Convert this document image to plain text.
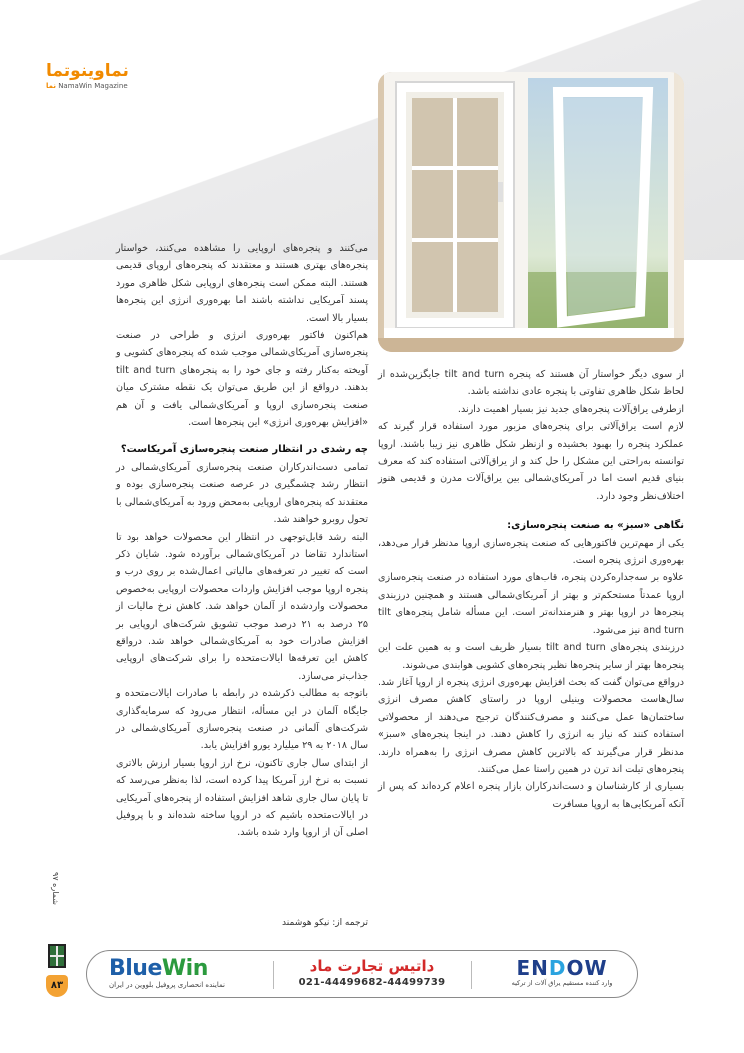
نماوینو‌تما
نما NamaWin Magazine

می‌کنند و پنجره‌های اروپایی را مشاهده می‌کنند، خواستار پنجره‌های بهتری هستند و معتقدند که پنجره‌های اروپای قدیمی هستند. البته ممکن است پنجره‌های اروپایی شکل ظاهری مورد پسند آمریکایی نداشته باشند اما بهره‌وری انرژی این پنجره‌ها بسیار بالا است.

هم‌اکنون فاکتور بهره‌وری انرژی و طراحی در صنعت پنجره‌سازی آمریکای‌شمالی موجب شده که پنجره‌های کشویی و آویخته به‌کنار رفته و جای خود را به پنجره‌های tilt and turn بدهند. درواقع از این طریق می‌توان یک نقطه مشترک میان صنعت پنجره‌سازی اروپا و آمریکای‌شمالی یافت و آن هم «افزایش بهره‌وری انرژی» این پنجره‌ها است.

چه رشدی در انتظار صنعت پنجره‌سازی آمریکاست؟

تمامی دست‌اندرکاران صنعت پنجره‌سازی آمریکای‌شمالی در انتظار رشد چشمگیری در عرصه صنعت پنجره‌سازی بوده و معتقدند که پنجره‌های اروپایی به‌محض ورود به آمریکای‌شمالی با تحول روبرو خواهند شد.

البته رشد قابل‌توجهی در انتظار این محصولات خواهد بود تا استاندارد تقاضا در آمریکای‌شمالی برآورده شود. شایان ذکر است که تغییر در تعرفه‌های مالیاتی اعمال‌شده بر روی درب و پنجره اروپا موجب افزایش واردات محصولات اروپایی به‌خصوص محصولات وارد‌شده از آلمان خواهد شد. کاهش نرخ مالیات از ۲۵ درصد به ۲۱ درصد موجب تشویق شرکت‌های اروپایی بر افزایش صادرات خود به آمریکای‌شمالی خواهد شد. درواقع کاهش این تعرفه‌ها ایالات‌متحده را برای شرکت‌های اروپایی جذاب‌تر می‌سازد.

باتوجه به مطالب ذکرشده در رابطه با صادرات ایالات‌متحده و جایگاه آلمان در این مسأله، انتظار می‌رود که سرمایه‌گذاری شرکت‌های آلمانی در صنعت پنجره‌سازی آمریکای‌شمالی در سال ۲۰۱۸ به ۲۹ میلیارد یورو افزایش یابد.

از ابتدای سال جاری تاکنون، نرخ ارز اروپا بسیار ارزش بالاتری نسبت به نرخ ارز آمریکا پیدا کرده است، لذا به‌نظر می‌رسد که تا پایان سال جاری شاهد افزایش استفاده از پنجره‌های آمریکایی در ایالات‌متحده باشیم که در اروپا ساخته شده‌اند و با پروفیل اصلی آن از اروپا وارد شده باشد.

ترجمه از: نیکو هوشمند

از سوی دیگر خواستار آن هستند که پنجره tilt and turn جایگزین‌شده از لحاظ شکل ظاهری تفاوتی با پنجره عادی نداشته باشد.

ازطرفی یراق‌آلات پنجره‌های جدید نیز بسیار اهمیت دارند.

لازم است یراق‌آلاتی برای پنجره‌های مزبور مورد استفاده قرار گیرند که عملکرد پنجره را بهبود بخشیده و ازنظر شکل ظاهری نیز زیبا باشند. اروپا توانسته به‌راحتی این مشکل را حل کند و از یراق‌آلاتی استفاده کند که معرف بنیای قدیم است اما در آمریکای‌شمالی بین یراق‌آلات مدرن و قدیمی هنوز اختلاف‌نظر وجود دارد.

نگاهی «سبز» به صنعت پنجره‌سازی:

یکی از مهم‌ترین فاکتورهایی که صنعت پنجره‌سازی اروپا مدنظر قرار می‌دهد، بهره‌وری انرژی پنجره است.

علاوه بر سه‌جداره‌کردن پنجره، قاب‌های مورد استفاده در صنعت پنجره‌سازی اروپا عمدتاً مستحکم‌تر و بهتر از آمریکای‌شمالی هستند و همچنین درزبندی پنجره‌ها در اروپا بهتر و هنرمندانه‌تر است. این مسأله شامل پنجره‌های tilt and turn نیز می‌شود.

درزبندی پنجره‌های tilt and turn بسیار ظریف است و به همین علت این پنجره‌ها بهتر از سایر پنجره‌ها نظیر پنجره‌های کشویی هوابندی می‌شوند.

درواقع می‌توان گفت که بحث افزایش بهره‌وری انرژی پنجره از اروپا آغاز شد. سال‌هاست محصولات وینیلی اروپا در راستای کاهش مصرف انرژی ساختمان‌ها عمل می‌کنند و مصرف‌کنندگان ترجیح می‌دهند از محصولاتی استفاده کنند که نیاز به انرژی را کاهش دهند. در اینجا پنجره‌های «سبز» مدنظر قرار می‌گیرند که بالاترین کاهش مصرف انرژی را به‌همراه دارند. پنجره‌های تیلت اند ترن در همین راستا عمل می‌کنند.

بسیاری از کارشناسان و دست‌اندرکاران بازار پنجره اعلام کرده‌اند که پس از آنکه آمریکایی‌ها به اروپا مسافرت

شماره ۹۷
۸۳
BlueWin
نماینده انحصاری پروفیل بلووین در ایران
داتیس تجارت ماد
021-44499682-44499739
ENDOW
وارد کننده مستقیم یراق آلات از ترکیه
